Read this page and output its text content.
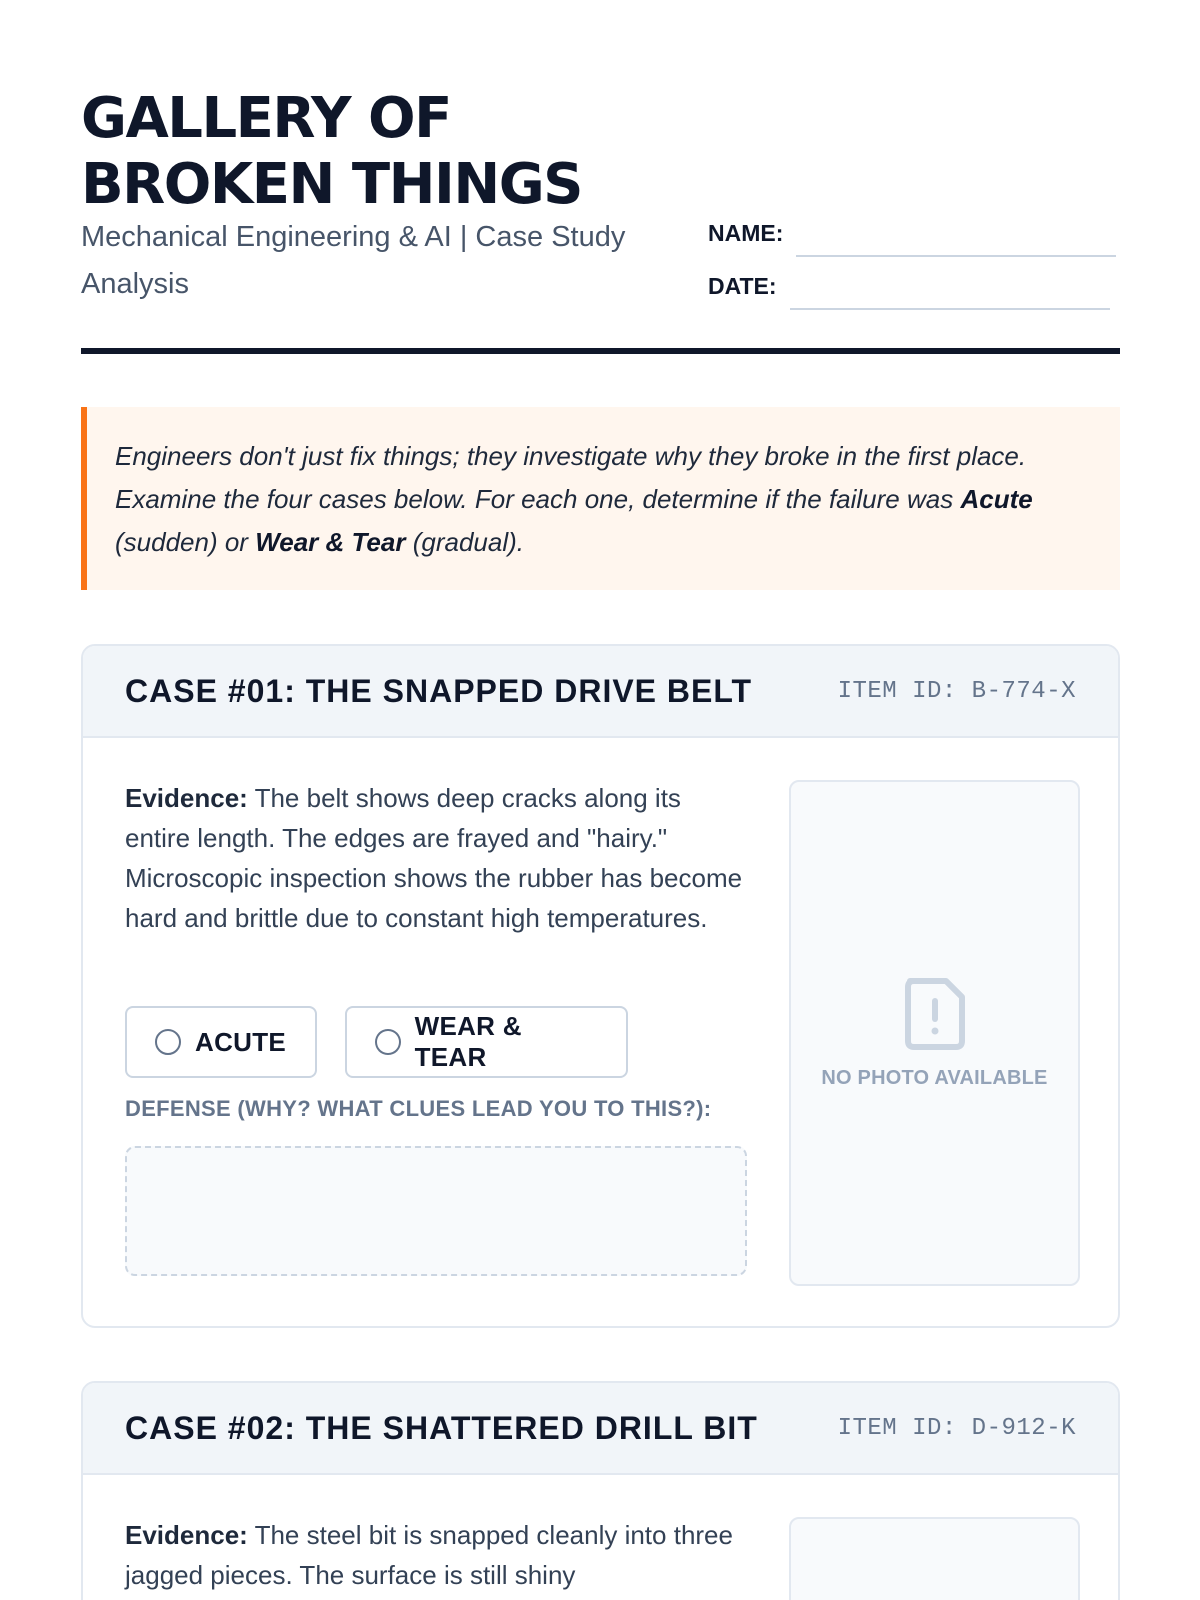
GALLERY OF BROKEN THINGS
Mechanical Engineering & AI | Case Study Analysis
NAME:
DATE:
Engineers don't just fix things; they investigate why they broke in the first place. Examine the four cases below. For each one, determine if the failure was Acute (sudden) or Wear & Tear (gradual).
CASE #01: THE SNAPPED DRIVE BELT	ITEM ID: B-774-X

Evidence: The belt shows deep cracks along its entire length. The edges are frayed and "hairy." Microscopic inspection shows the rubber has become hard and brittle due to constant high temperatures.

ACUTE
WEAR & TEAR
DEFENSE (WHY? WHAT CLUES LEAD YOU TO THIS?):
NO PHOTO AVAILABLE
CASE #02: THE SHATTERED DRILL BIT	ITEM ID: D-912-K

Evidence: The steel bit is snapped cleanly into three jagged pieces. The surface is still shiny
